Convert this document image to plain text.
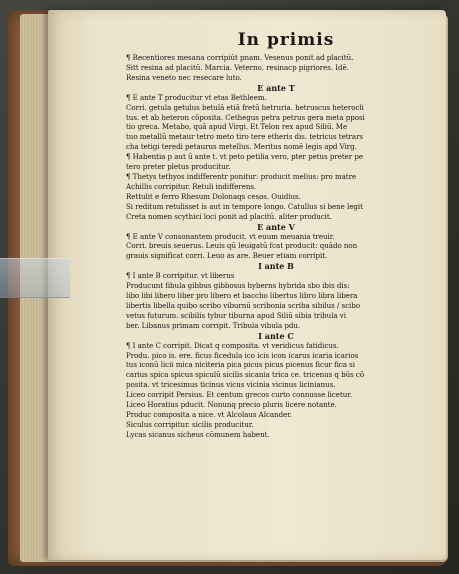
In primis
¶ Recentiores mesana corripiūt pnam. Vesenus ponit ad placitū.
Sitt resina ad placitū. Marcia. Veterno, resinacp pigriores. Idē.
Resina veneto nec resecare luto.
E ante T
¶ E ante T producitur vt etas Bethleem.
Corri. getula getulus betulā etiā fretū hetruria. hetruscus heterocli
tus. et ab heteron cōposita. Cethegus petra petrus gera meta pposi
tio greca. Metabo, quā apud Virgi. Et Telon rex apud Siliū. Me
tuo metallū metaur tetro meto tiro tere etheris dis. tetricus tetrars
cha tetigi teredi petaurus metellus. Meritus nomē legis apd Virg.
¶ Habentia p aut ū ante t. vt peto petilia vero, pter petus preter pe
tero preter pletus producitur.
¶ Thetys tethyos indifferentr ponitur: producit melius: pro matre
Achillis corripitur. Retuli indifferens.
Rettulit e ferro Rhesum Dolonaqs cesos. Ouidius.
Si reditum retulisset is aut in tempore longo. Catullus si bene legit
Creta nomen scythici loci ponit ad placitū. aliter producit.
E ante V
¶ E ante V consonantem producit. vt euum meuania treuir.
Corri. breuis seuerus. Leuis qū leuigatū fcat producit: quādo non
grauis significat corri. Leuo as are. Beuer etiam corripit.
I ante B
¶ I ante B corripitur. vt liberus
Producunt fibula gibbus gibbosus hyberns hybrida sbo ibis dis:
libo libi libero liber pro libero et baccho libertus libro libra libera
libertis libella quibo scribo viburnū scribonia scriba sibilus / scibo
vetus futurum. scibilis tybur tiburna apud Siliū sibia tribula vi
ber. Libanus primam corripit. Tribula vibula pdu.
I ante C
¶ I ante C corripit. Dicat q composita. vt veridicus fatidicus.
Produ. pico is. ere. ficus ficedula ico icis icon icarus icaria icarios
tus iconū licii mica niciteria pica picus picus picenus ficur fica si
carius spica spicus spiculū sicilis sicania trica ce. tricenus q būs cō
posita. vt tricesimus ticinus vicus vicinia vicinus licinianus.
Liceo corripit Persius. Et centum grecos curto connusse licetur.
Liceo Horatius pducit. Nonunq precio pluris licere notante.
Produc composita a nice. vt Alcolaus Alcander.
Siculus corripitur. sicilis producitur.
Lycas sicanus sicheus cōmunem habent.
